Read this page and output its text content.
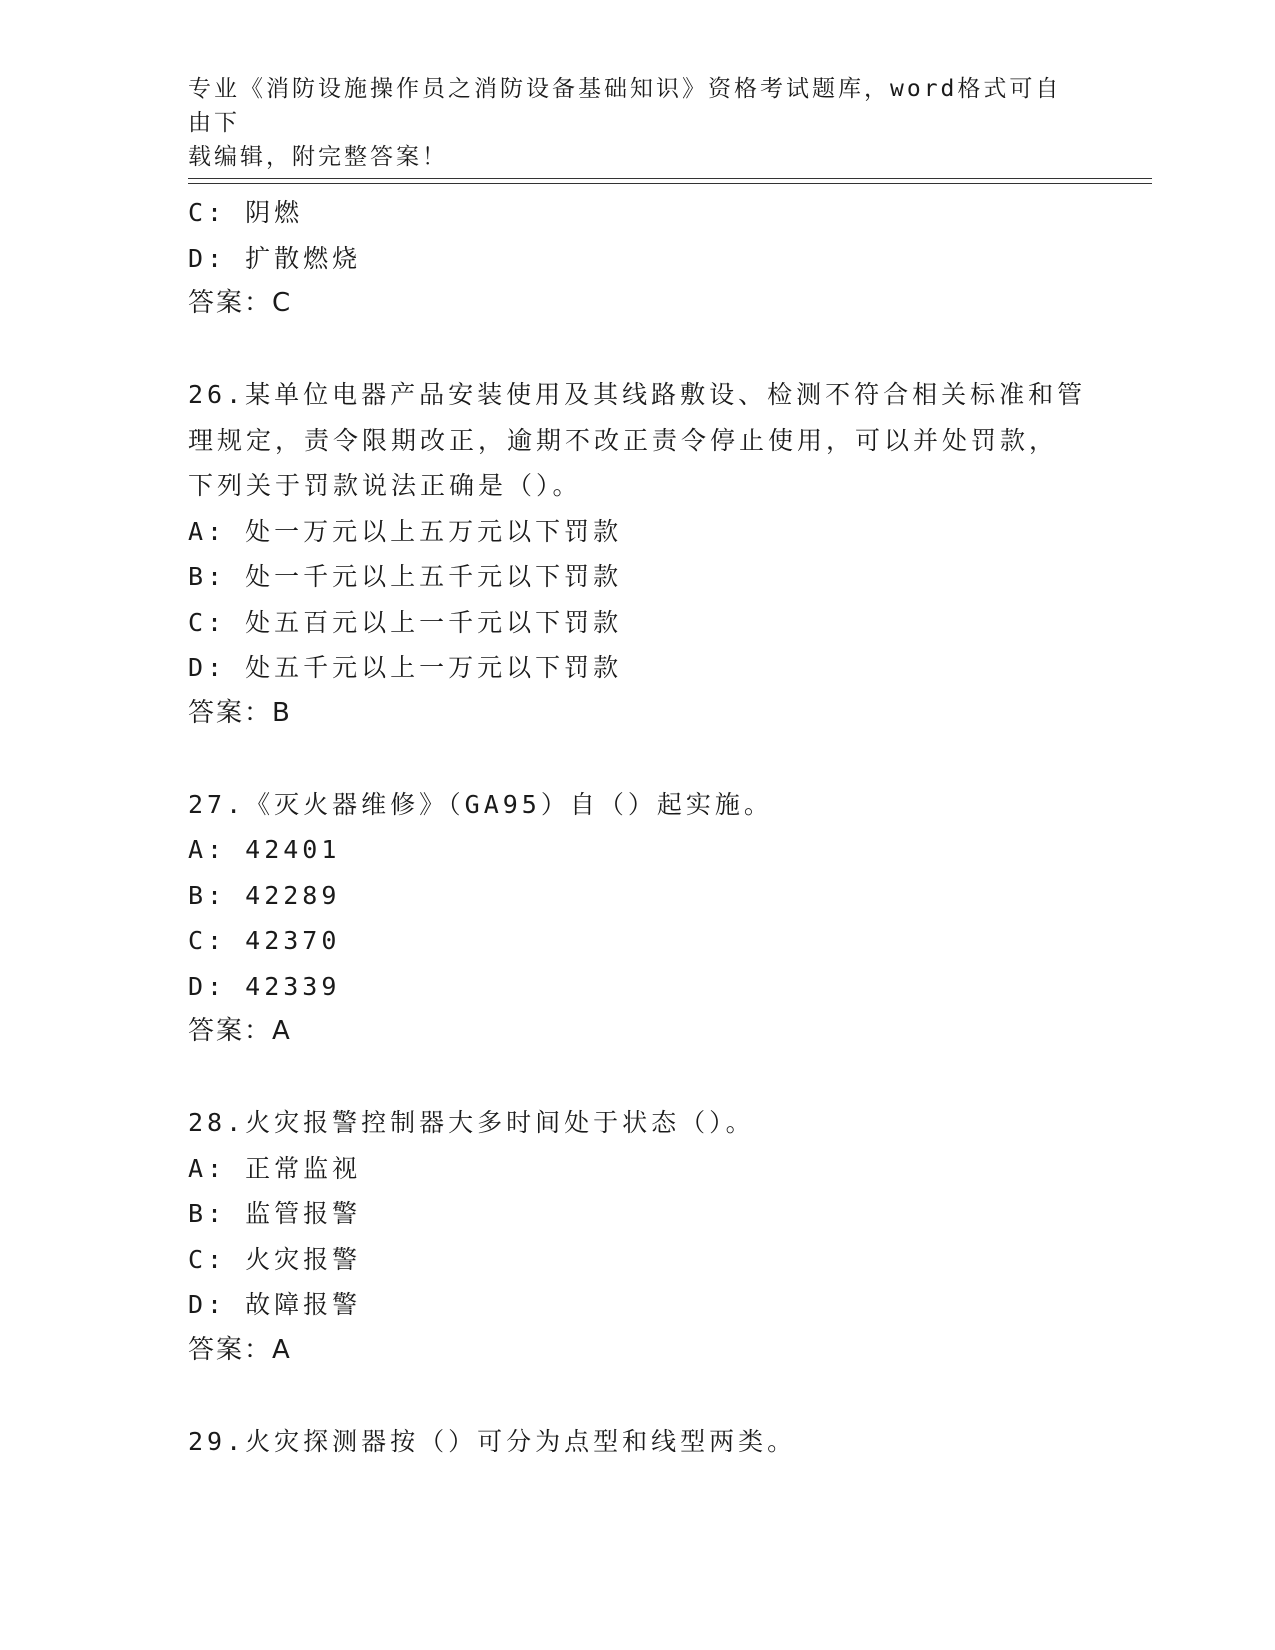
专业《消防设施操作员之消防设备基础知识》资格考试题库，word格式可自由下
载编辑，附完整答案！
C: 阴燃
D: 扩散燃烧
答案：C
26.某单位电器产品安装使用及其线路敷设、检测不符合相关标准和管
理规定，责令限期改正，逾期不改正责令停止使用，可以并处罚款，
下列关于罚款说法正确是（）。
A: 处一万元以上五万元以下罚款
B: 处一千元以上五千元以下罚款
C: 处五百元以上一千元以下罚款
D: 处五千元以上一万元以下罚款
答案：B
27.《灭火器维修》（GA95）自（）起实施。
A: 42401
B: 42289
C: 42370
D: 42339
答案：A
28.火灾报警控制器大多时间处于状态（）。
A: 正常监视
B: 监管报警
C: 火灾报警
D: 故障报警
答案：A
29.火灾探测器按（）可分为点型和线型两类。
